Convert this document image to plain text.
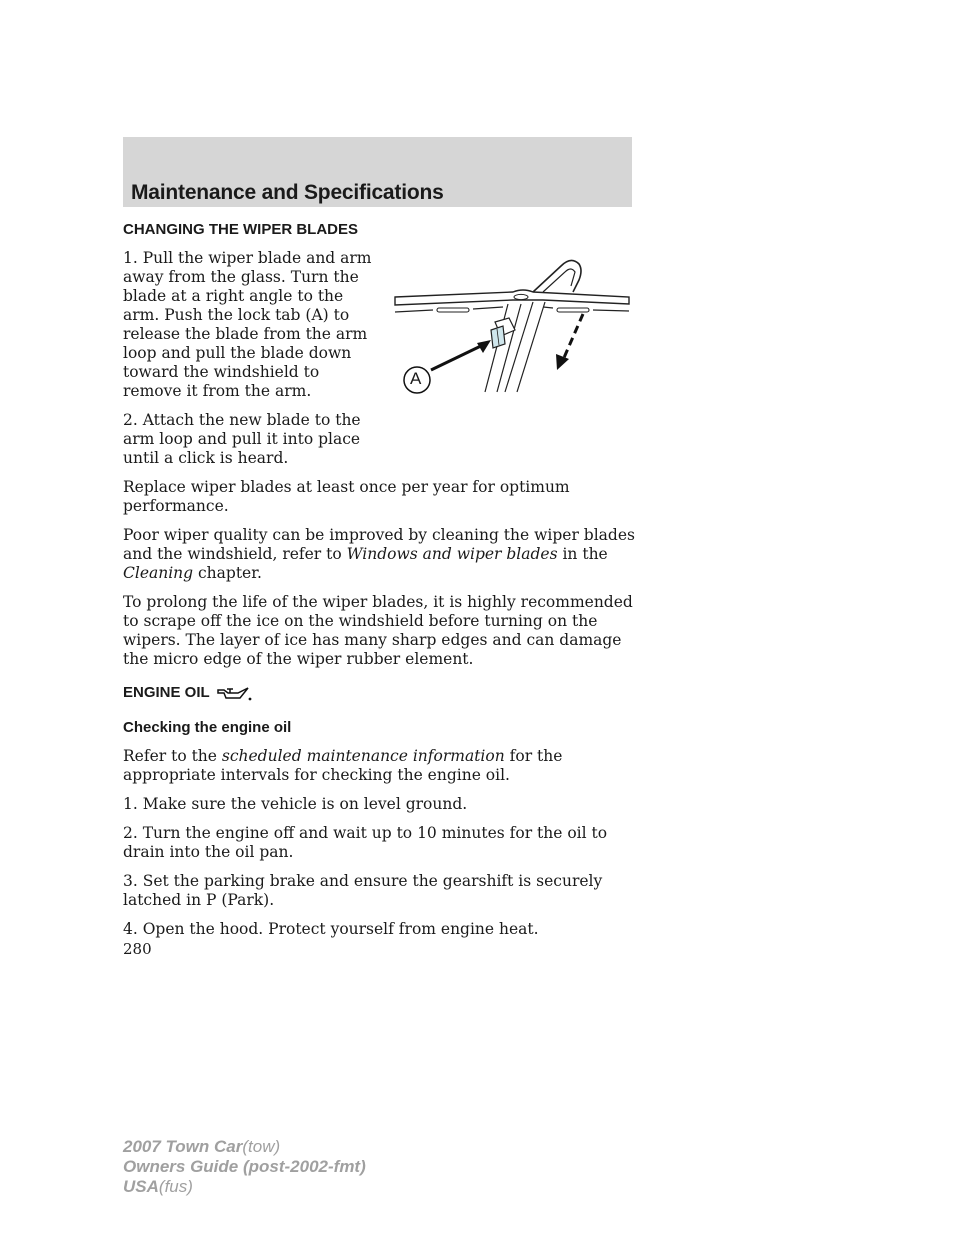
Maintenance and Specifications
A
CHANGING THE WIPER BLADES

1. Pull the wiper blade and arm away from the glass. Turn the blade at a right angle to the arm. Push the lock tab (A) to release the blade from the arm loop and pull the blade down toward the windshield to remove it from the arm.

2. Attach the new blade to the arm loop and pull it into place until a click is heard.

Replace wiper blades at least once per year for optimum performance.

Poor wiper quality can be improved by cleaning the wiper blades and the windshield, refer to Windows and wiper blades in the Cleaning chapter.

To prolong the life of the wiper blades, it is highly recommended to scrape off the ice on the windshield before turning on the wipers. The layer of ice has many sharp edges and can damage the micro edge of the wiper rubber element.

ENGINE OIL
Checking the engine oil

Refer to the scheduled maintenance information for the appropriate intervals for checking the engine oil.

1. Make sure the vehicle is on level ground.

2. Turn the engine off and wait up to 10 minutes for the oil to drain into the oil pan.

3. Set the parking brake and ensure the gearshift is securely latched in P (Park).

4. Open the hood. Protect yourself from engine heat.

280
2007 Town Car(tow)
Owners Guide (post-2002-fmt)
USA(fus)
